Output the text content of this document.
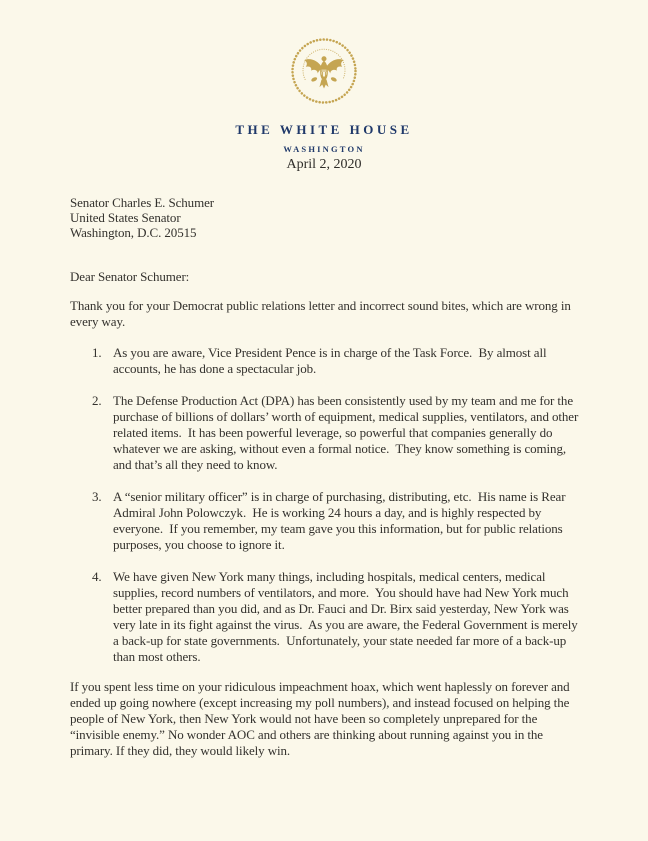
THE WHITE HOUSE
WASHINGTON
April 2, 2020
Senator Charles E. Schumer
United States Senator
Washington, D.C. 20515
Dear Senator Schumer:
Thank you for your Democrat public relations letter and incorrect sound bites, which are wrong in every way.
1. As you are aware, Vice President Pence is in charge of the Task Force.  By almost all accounts, he has done a spectacular job.
2. The Defense Production Act (DPA) has been consistently used by my team and me for the purchase of billions of dollars’ worth of equipment, medical supplies, ventilators, and other related items.  It has been powerful leverage, so powerful that companies generally do whatever we are asking, without even a formal notice.  They know something is coming, and that’s all they need to know.
3. A “senior military officer” is in charge of purchasing, distributing, etc.  His name is Rear Admiral John Polowczyk.  He is working 24 hours a day, and is highly respected by everyone.  If you remember, my team gave you this information, but for public relations purposes, you choose to ignore it.
4. We have given New York many things, including hospitals, medical centers, medical supplies, record numbers of ventilators, and more.  You should have had New York much better prepared than you did, and as Dr. Fauci and Dr. Birx said yesterday, New York was very late in its fight against the virus.  As you are aware, the Federal Government is merely a back-up for state governments.  Unfortunately, your state needed far more of a back-up than most others.
If you spent less time on your ridiculous impeachment hoax, which went haplessly on forever and ended up going nowhere (except increasing my poll numbers), and instead focused on helping the people of New York, then New York would not have been so completely unprepared for the “invisible enemy.” No wonder AOC and others are thinking about running against you in the primary. If they did, they would likely win.
